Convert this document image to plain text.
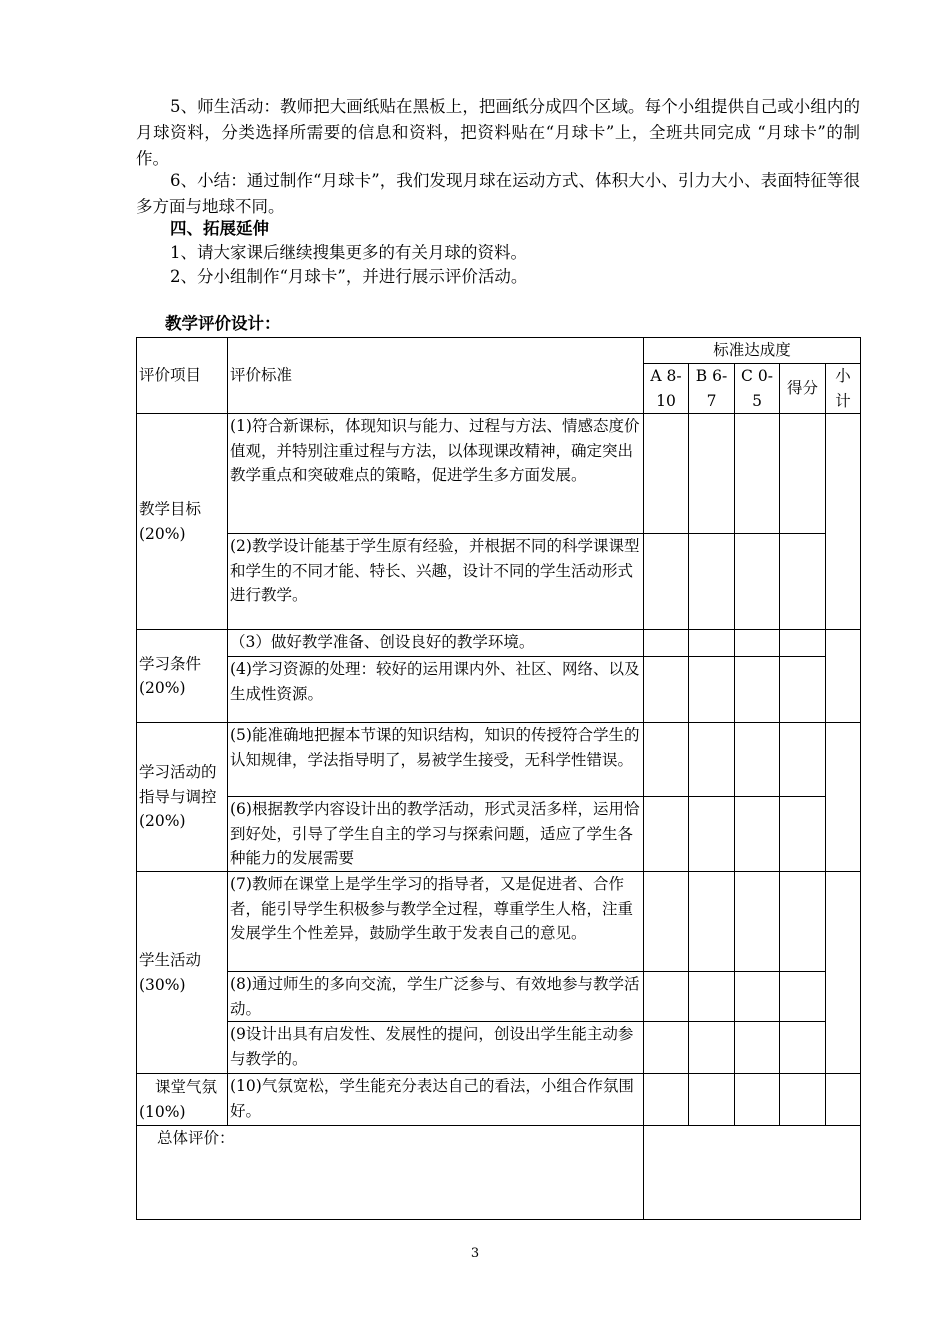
5、师生活动：教师把大画纸贴在黑板上，把画纸分成四个区域。每个小组提供自己或小组内的月球资料，分类选择所需要的信息和资料，把资料贴在“月球卡”上，全班共同完成 “月球卡”的制作。
6、小结：通过制作“月球卡”，我们发现月球在运动方式、体积大小、引力大小、表面特征等很多方面与地球不同。
四、拓展延伸
1、请大家课后继续搜集更多的有关月球的资料。
2、分小组制作“月球卡”，并进行展示评价活动。
教学评价设计：
评价项目	评价标准	标准达成度				
		A 8-10	B 6-7	C 0-5	得分	小计
教学目标(20%)	(1)符合新课标，体现知识与能力、过程与方法、情感态度价值观，并特别注重过程与方法，以体现课改精神，确定突出教学重点和突破难点的策略，促进学生多方面发展。					
	(2)教学设计能基于学生原有经验，并根据不同的科学课课型和学生的不同才能、特长、兴趣，设计不同的学生活动形式进行教学。					
学习条件(20%)	（3）做好教学准备、创设良好的教学环境。					
	(4)学习资源的处理：较好的运用课内外、社区、网络、以及生成性资源。					
学习活动的指导与调控(20%)	(5)能准确地把握本节课的知识结构，知识的传授符合学生的认知规律，学法指导明了，易被学生接受，无科学性错误。					
	(6)根据教学内容设计出的教学活动，形式灵活多样，运用恰到好处，引导了学生自主的学习与探索问题，适应了学生各种能力的发展需要					
学生活动(30%)	(7)教师在课堂上是学生学习的指导者，又是促进者、合作者，能引导学生积极参与教学全过程，尊重学生人格，注重发展学生个性差异，鼓励学生敢于发表自己的意见。					
	(8)通过师生的多向交流，学生广泛参与、有效地参与教学活动。					
	(9设计出具有启发性、发展性的提问，创设出学生能主动参与教学的。					
课堂气氛(10%)	(10)气氛宽松，学生能充分表达自己的看法，小组合作氛围好。					
总体评价：						
3
